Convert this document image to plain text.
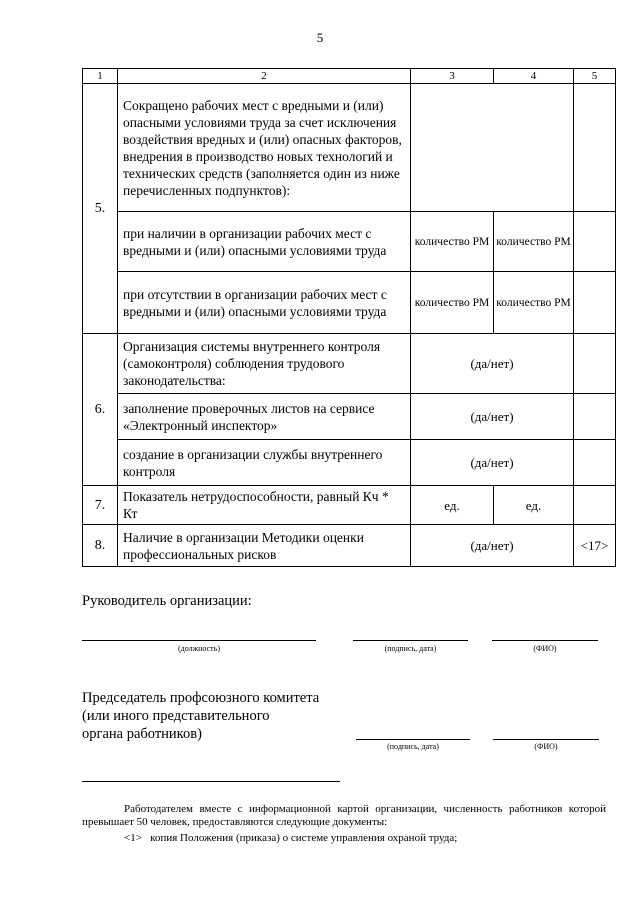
5
1	2	3	4	5
5.	Сокращено рабочих мест с вредными и (или) опасными условиями труда за счет исключения воздействия вредных и (или) опасных факторов, внедрения в производство новых технологий и технических средств (заполняется один из ниже перечисленных подпунктов):			
	при наличии в организации рабочих мест с вредными и (или) опасными условиями труда	количество РМ	количество РМ	
	при отсутствии в организации рабочих мест с вредными и (или) опасными условиями труда	количество РМ	количество РМ	
6.	Организация системы внутреннего контроля (самоконтроля) соблюдения трудового законодательства:	(да/нет)		
	заполнение проверочных листов на сервисе «Электронный инспектор»	(да/нет)		
	создание в организации службы внутреннего контроля	(да/нет)		
7.	Показатель нетрудоспособности, равный Кч * Кт	ед.	ед.	
8.	Наличие в организации Методики оценки профессиональных рисков	(да/нет)		<17>
Руководитель организации:
(должность)	(подпись, дата)	(ФИО)
Председатель профсоюзного комитета
(или иного представительного
органа работников)
(подпись, дата)	(ФИО)
Работодателем вместе с информационной картой организации, численность работников которой превышает 50 человек, предоставляются следующие документы:
<1> копия Положения (приказа) о системе управления охраной труда;
